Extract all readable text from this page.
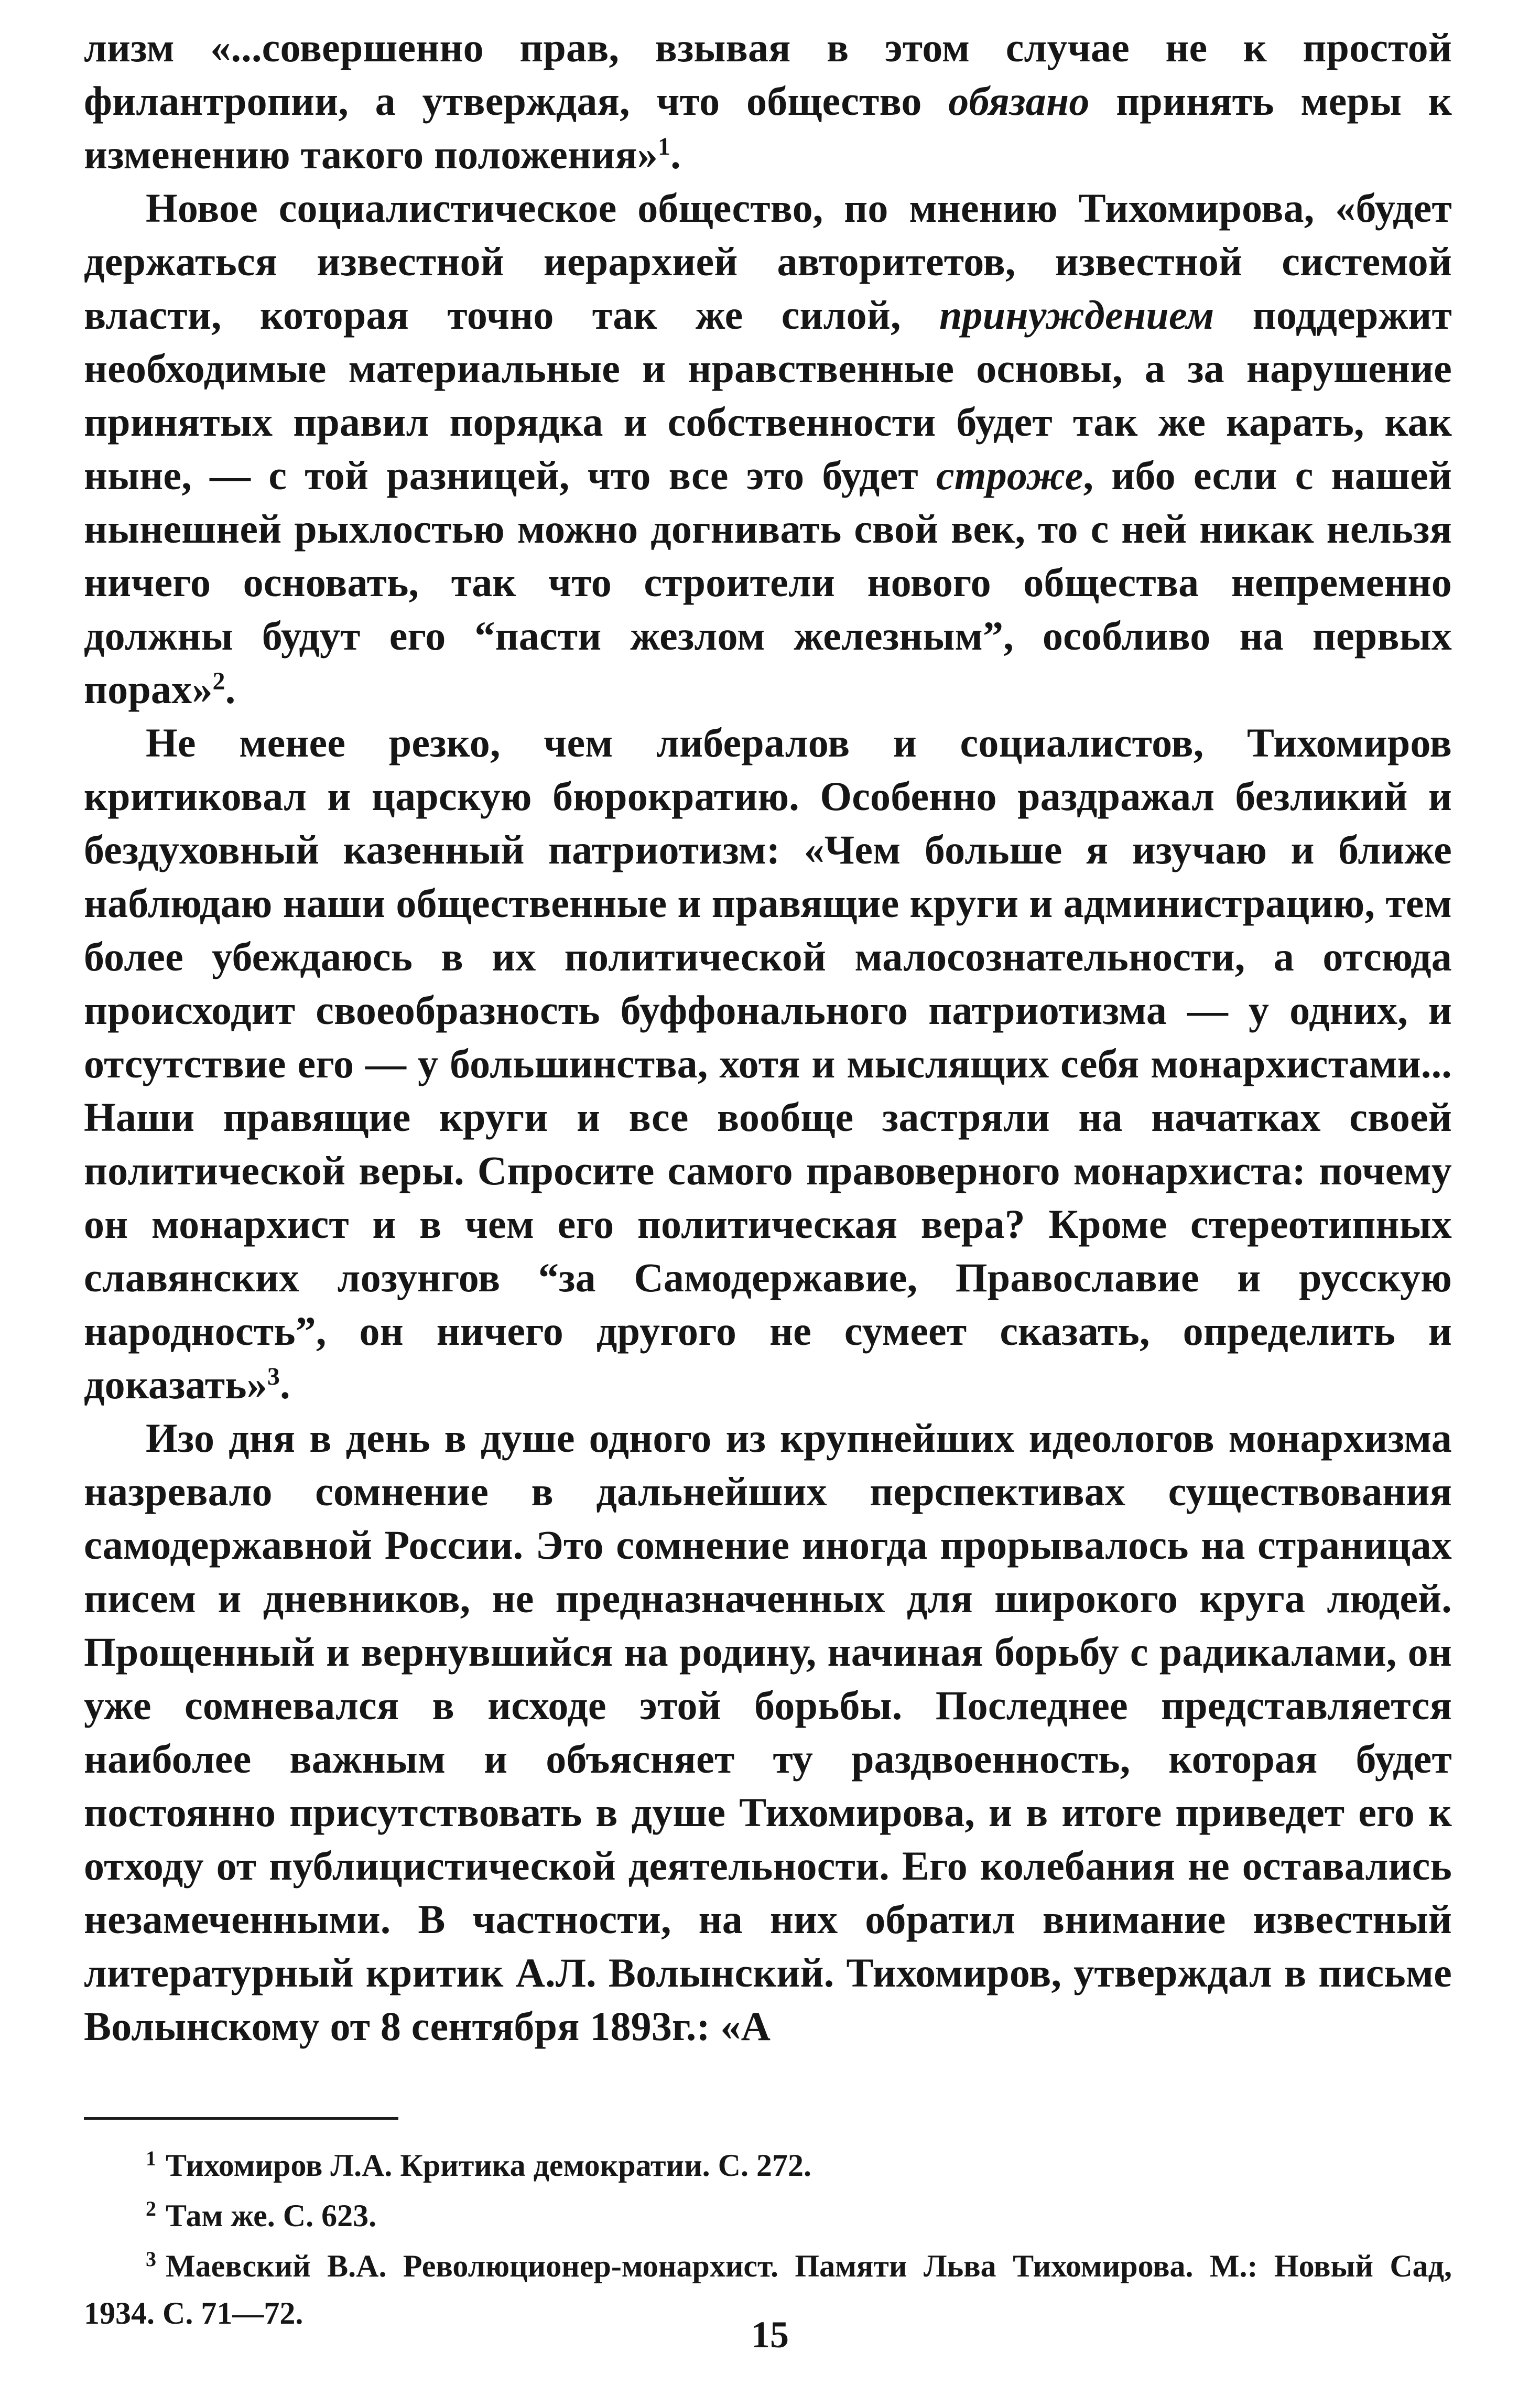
лизм «...совершенно прав, взывая в этом случае не к простой филантропии, а утверждая, что общество обязано принять меры к изменению такого положения»$^1$.

Новое социалистическое общество, по мнению Тихомирова, «будет держаться известной иерархией авторитетов, известной системой власти, которая точно так же силой, принуждением поддержит необходимые материальные и нравственные основы, а за нарушение принятых правил порядка и собственности будет так же карать, как ныне, — с той разницей, что все это будет строже, ибо если с нашей нынешней рыхлостью можно догнивать свой век, то с ней никак нельзя ничего основать, так что строители нового общества непременно должны будут его “пасти жезлом железным”, особливо на первых порах»$^2$.

Не менее резко, чем либералов и социалистов, Тихомиров критиковал и царскую бюрократию. Особенно раздражал безликий и бездуховный казенный патриотизм: «Чем больше я изучаю и ближе наблюдаю наши общественные и правящие круги и администрацию, тем более убеждаюсь в их политической малосознательности, а отсюда происходит своеобразность буффонального патриотизма — у одних, и отсутствие его — у большинства, хотя и мыслящих себя монархистами... Наши правящие круги и все вообще застряли на начатках своей политической веры. Спросите самого правоверного монархиста: почему он монархист и в чем его политическая вера? Кроме стереотипных славянских лозунгов “за Самодержавие, Православие и русскую народность”, он ничего другого не сумеет сказать, определить и доказать»$^3$.

Изо дня в день в душе одного из крупнейших идеологов монархизма назревало сомнение в дальнейших перспективах существования самодержавной России. Это сомнение иногда прорывалось на страницах писем и дневников, не предназначенных для широкого круга людей. Прощенный и вернувшийся на родину, начиная борьбу с радикалами, он уже сомневался в исходе этой борьбы. Последнее представляется наиболее важным и объясняет ту раздвоенность, которая будет постоянно присутствовать в душе Тихомирова, и в итоге приведет его к отходу от публицистической деятельности. Его колебания не оставались незамеченными. В частности, на них обратил внимание известный литературный критик А.Л. Волынский. Тихомиров, утверждал в письме Волынскому от 8 сентября 1893г.: «А

$^1$ Тихомиров Л.А. Критика демократии. С. 272.

$^2$ Там же. С. 623.

$^3$ Маевский В.А. Революционер-монархист. Памяти Льва Тихомирова. М.: Новый Сад, 1934. С. 71—72.

15
